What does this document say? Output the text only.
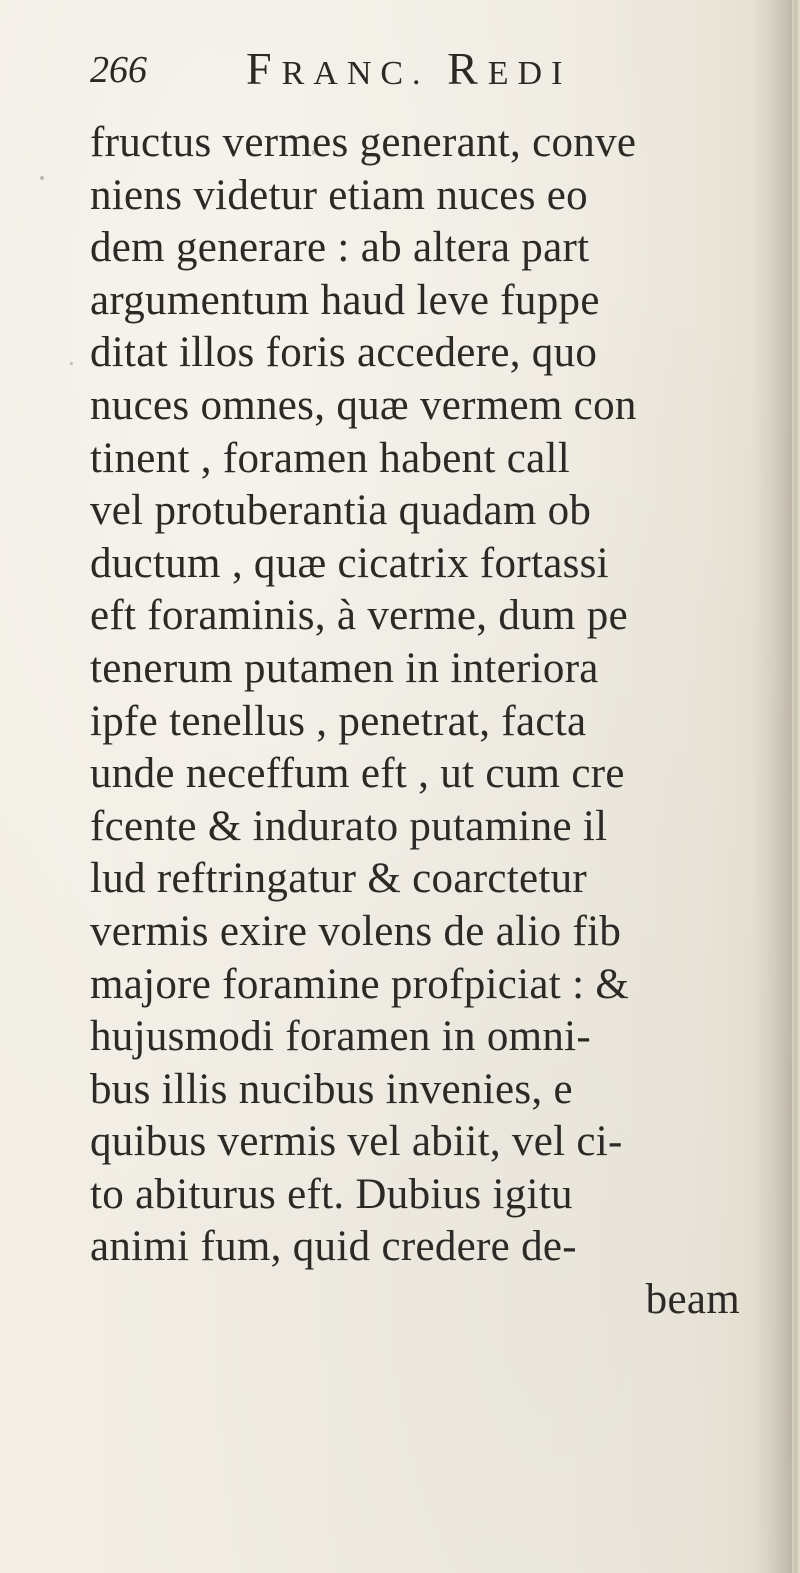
266 FRANC. REDI
fructus vermes generant, conve
niens videtur etiam nuces eo
dem generare : ab altera part
argumentum haud leve fuppe
ditat illos foris accedere, quo
nuces omnes, quæ vermem con
tinent , foramen habent call
vel protuberantia quadam ob
ductum , quæ cicatrix fortassi
eft foraminis, à verme, dum pe
tenerum putamen in interiora
ipfe tenellus , penetrat, facta
unde neceffum eft , ut cum cre
fcente & indurato putamine il
lud reftringatur & coarctetur
vermis exire volens de alio fib
majore foramine profpiciat : &
hujusmodi foramen in omni-
bus illis nucibus invenies, e
quibus vermis vel abiit, vel ci-
to abiturus eft. Dubius igitu
animi fum, quid credere de-
beam
